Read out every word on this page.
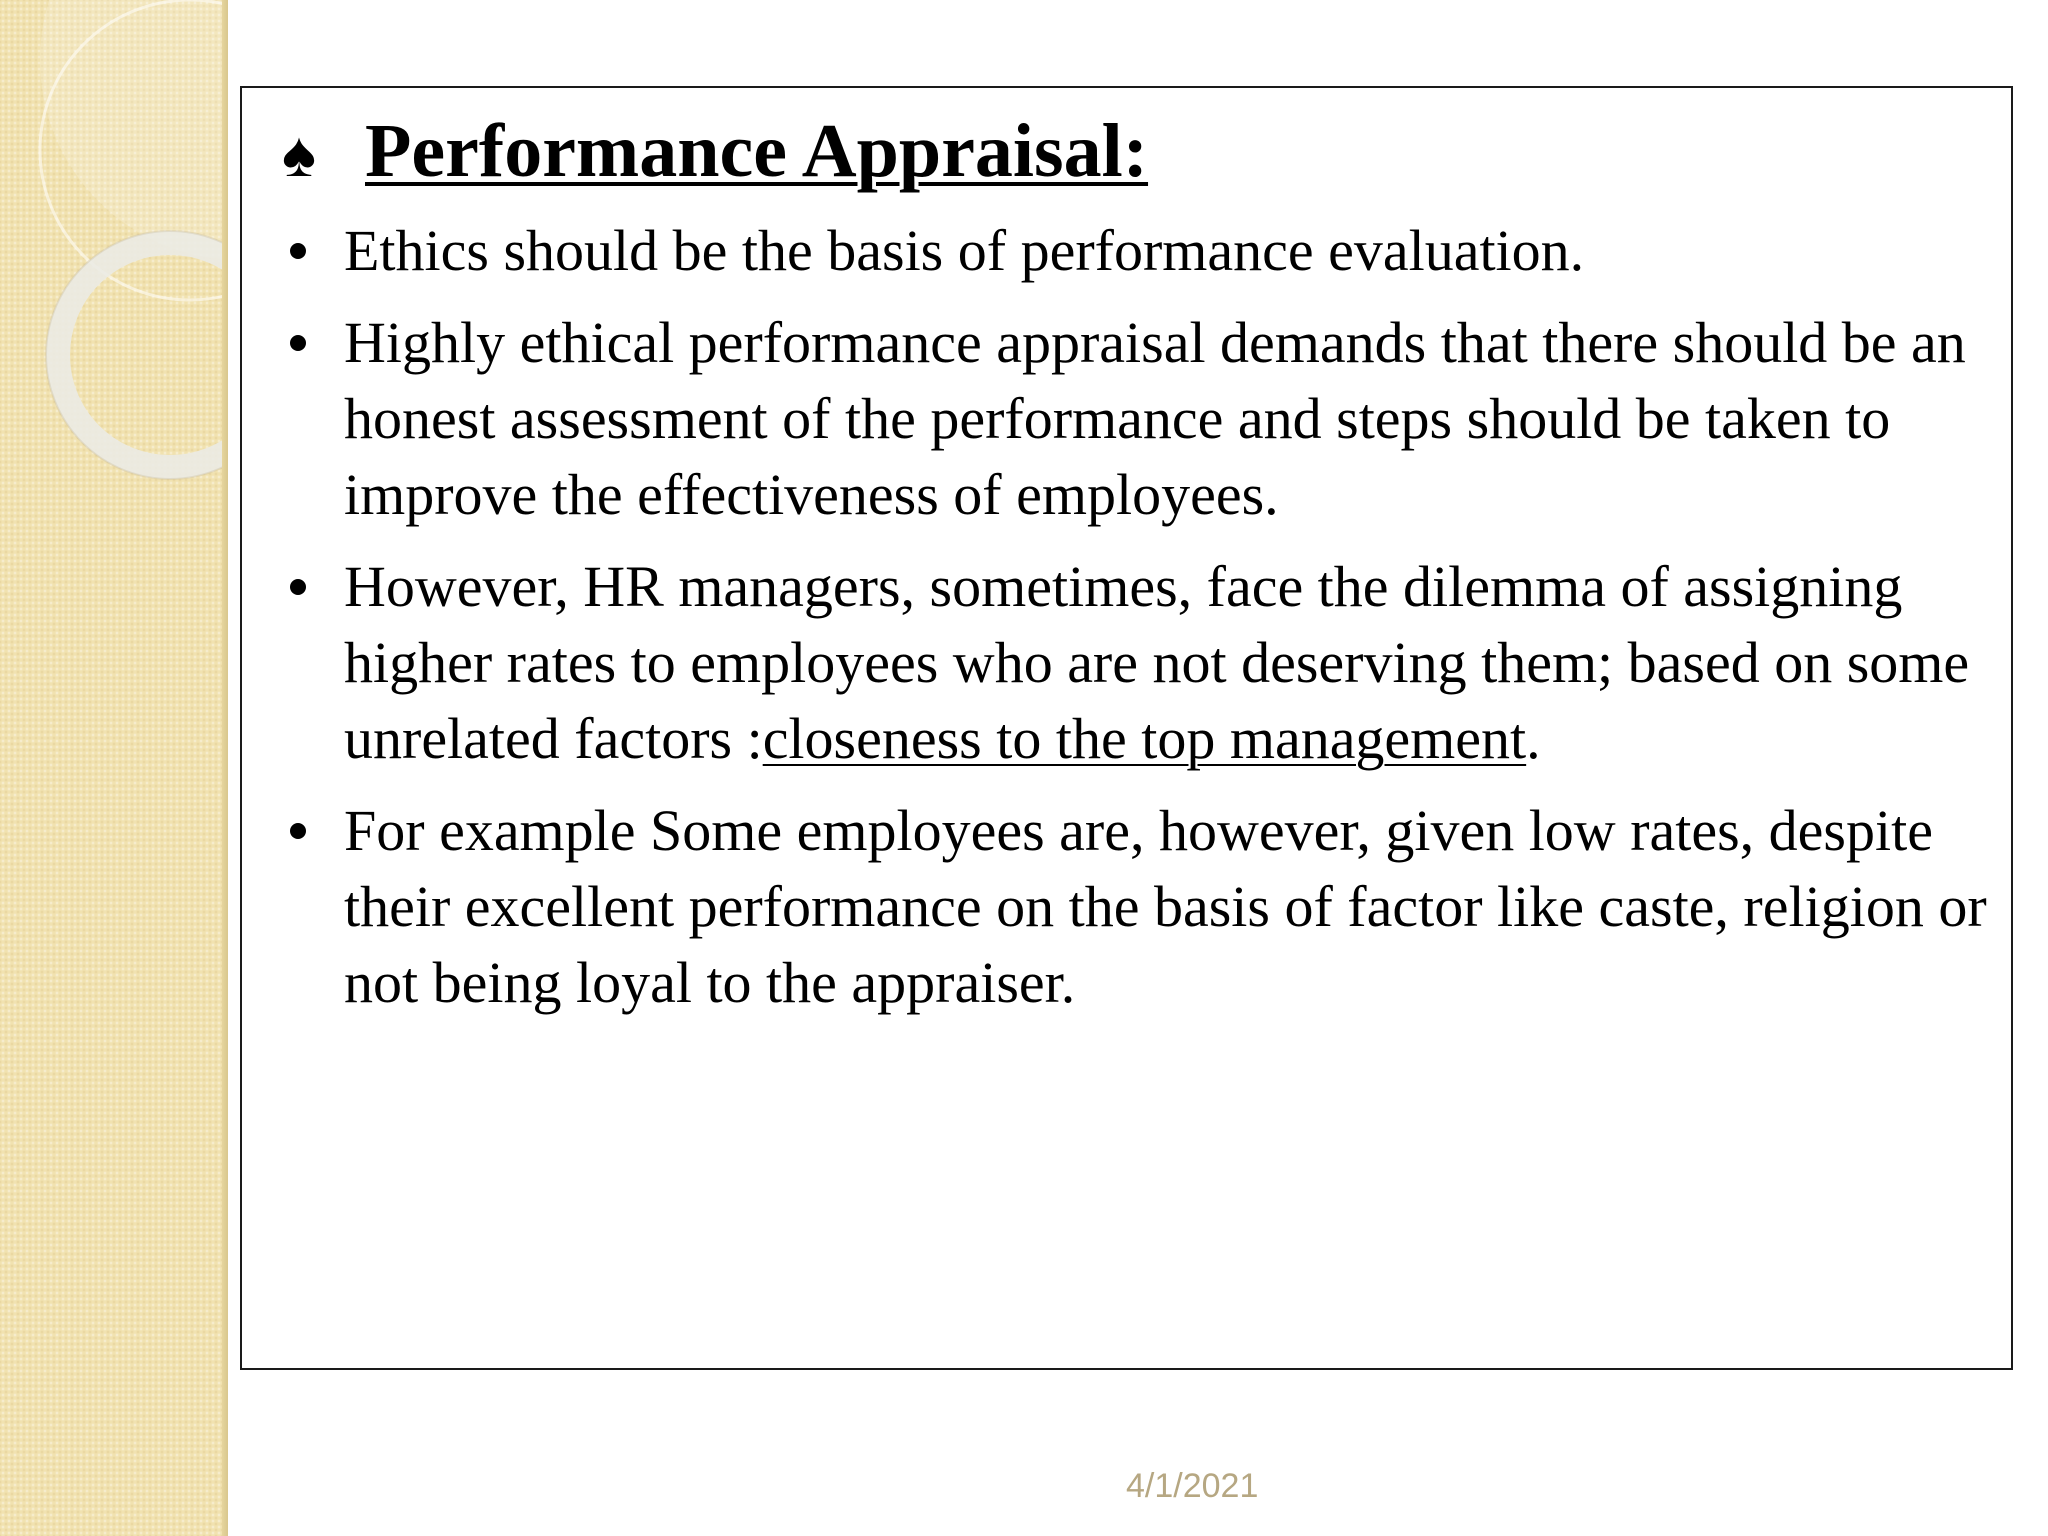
♠ Performance Appraisal:
Ethics should be the basis of performance evaluation.
Highly ethical performance appraisal demands that there should be an honest assessment of the performance and steps should be taken to improve the effectiveness of employees.
However, HR managers, sometimes, face the dilemma of assigning higher rates to employees who are not deserving them; based on some unrelated factors :closeness to the top management.
For example Some employees are, however, given low rates, despite their excellent performance on the basis of factor like caste, religion or not being loyal to the appraiser.
4/1/2021
